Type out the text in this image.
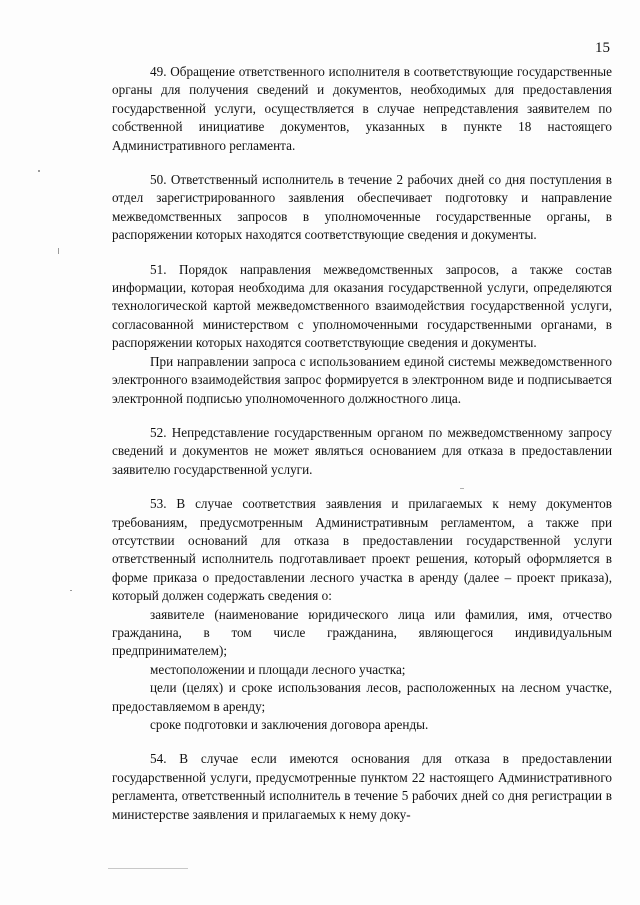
15

49. Обращение ответственного исполнителя в соответствующие государственные органы для получения сведений и документов, необходимых для предоставления государственной услуги, осуществляется в случае непредставления заявителем по собственной инициативе документов, указанных в пункте 18 настоящего Административного регламента.

50. Ответственный исполнитель в течение 2 рабочих дней со дня поступления в отдел зарегистрированного заявления обеспечивает подготовку и направление межведомственных запросов в уполномоченные государственные органы, в распоряжении которых находятся соответствующие сведения и документы.

51. Порядок направления межведомственных запросов, а также состав информации, которая необходима для оказания государственной услуги, определяются технологической картой межведомственного взаимодействия государственной услуги, согласованной министерством с уполномоченными государственными органами, в распоряжении которых находятся соответствующие сведения и документы.

При направлении запроса с использованием единой системы межведомственного электронного взаимодействия запрос формируется в электронном виде и подписывается электронной подписью уполномоченного должностного лица.

52. Непредставление государственным органом по межведомственному запросу сведений и документов не может являться основанием для отказа в предоставлении заявителю государственной услуги.

53. В случае соответствия заявления и прилагаемых к нему документов требованиям, предусмотренным Административным регламентом, а также при отсутствии оснований для отказа в предоставлении государственной услуги ответственный исполнитель подготавливает проект решения, который оформляется в форме приказа о предоставлении лесного участка в аренду (далее – проект приказа), который должен содержать сведения о:

заявителе (наименование юридического лица или фамилия, имя, отчество гражданина, в том числе гражданина, являющегося индивидуальным предпринимателем);

местоположении и площади лесного участка;

цели (целях) и сроке использования лесов, расположенных на лесном участке, предоставляемом в аренду;

сроке подготовки и заключения договора аренды.

54. В случае если имеются основания для отказа в предоставлении государственной услуги, предусмотренные пунктом 22 настоящего Административного регламента, ответственный исполнитель в течение 5 рабочих дней со дня регистрации в министерстве заявления и прилагаемых к нему доку-
